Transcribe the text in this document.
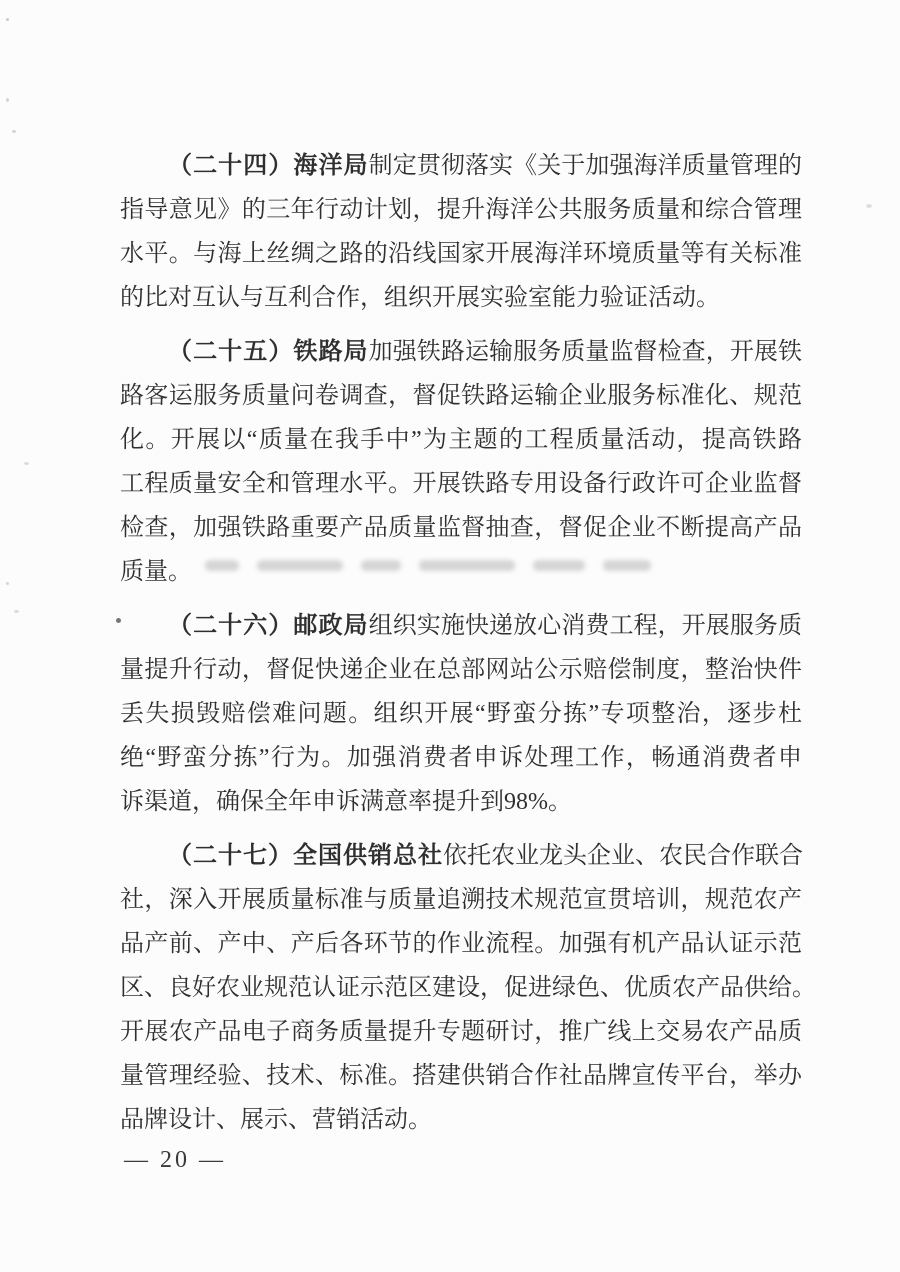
（二十四）海洋局制定贯彻落实《关于加强海洋质量管理的
指导意见》的三年行动计划，提升海洋公共服务质量和综合管理
水平。与海上丝绸之路的沿线国家开展海洋环境质量等有关标准
的比对互认与互利合作，组织开展实验室能力验证活动。
（二十五）铁路局加强铁路运输服务质量监督检查，开展铁
路客运服务质量问卷调查，督促铁路运输企业服务标准化、规范
化。开展以“质量在我手中”为主题的工程质量活动，提高铁路
工程质量安全和管理水平。开展铁路专用设备行政许可企业监督
检查，加强铁路重要产品质量监督抽查，督促企业不断提高产品
质量。
（二十六）邮政局组织实施快递放心消费工程，开展服务质
量提升行动，督促快递企业在总部网站公示赔偿制度，整治快件
丢失损毁赔偿难问题。组织开展“野蛮分拣”专项整治，逐步杜
绝“野蛮分拣”行为。加强消费者申诉处理工作，畅通消费者申
诉渠道，确保全年申诉满意率提升到98%。
（二十七）全国供销总社依托农业龙头企业、农民合作联合
社，深入开展质量标准与质量追溯技术规范宣贯培训，规范农产
品产前、产中、产后各环节的作业流程。加强有机产品认证示范
区、良好农业规范认证示范区建设，促进绿色、优质农产品供给。
开展农产品电子商务质量提升专题研讨，推广线上交易农产品质
量管理经验、技术、标准。搭建供销合作社品牌宣传平台，举办
品牌设计、展示、营销活动。
— 20 —
